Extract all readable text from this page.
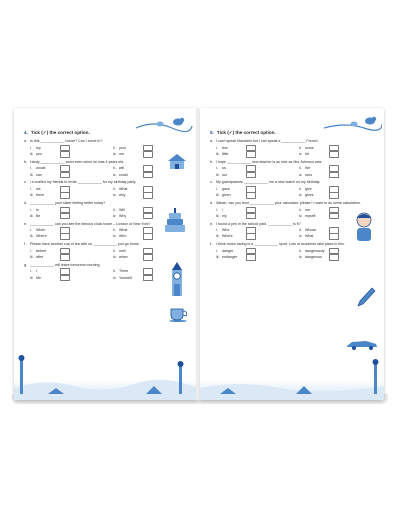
4. Tick (✓) the correct option.
a. Is this ____________ house? Can I come in?
i.	my	ii. your
iii. you	iv. me
b. Hardy ____________ swim even when he was 4 years old.
i.	would	ii. will
iii. can	iv. could
c. I e-mailed my friends to invite ____________ for my birthday party.
i.	we	ii. What
iii. them	iv. why
d. ____________ your sister feeling better today?
i.	Is	ii. Will
iii. Be	iv. Why
e. ____________ can you see the famous clock tower – London or New York?
i.	When	ii. What
iii. Where	iv. Who
f.	Please have another cup of tea with us ____________ you go home.
i.	before	ii. until
iii. after	iv. when
g. ____________ will leave tomorrow morning.
i.	I	ii. Them
iii. Me	iv. Yourself
5. Tick (✓) the correct option.
a. I can't speak Mandarin but I can speak a ____________ French.
i.	few	ii. some
iii. little	iv. bit
b. I hope ____________ new teacher is as nice as Mrs Johnson was.
i.	us	ii. We
iii. our	iv. ours
c. My grandparents ____________ me a new watch on my birthday.
i.	gave	ii. give
iii. given	iv. gives
d. Sabah, can you lend ____________ your calculator, please? I want to do some calculation.
i.	I	ii. me
iii. my	iv. myself
e. I found a pen in the school yard. ____________ is it?
i.	Who	ii. Whose
iii. Where	iv. What
f.	I think motor racing is a ____________ sport. Lots of accidents take place in this.
i.	danger	ii. dangerously
iii. endanger	iv. dangerous
